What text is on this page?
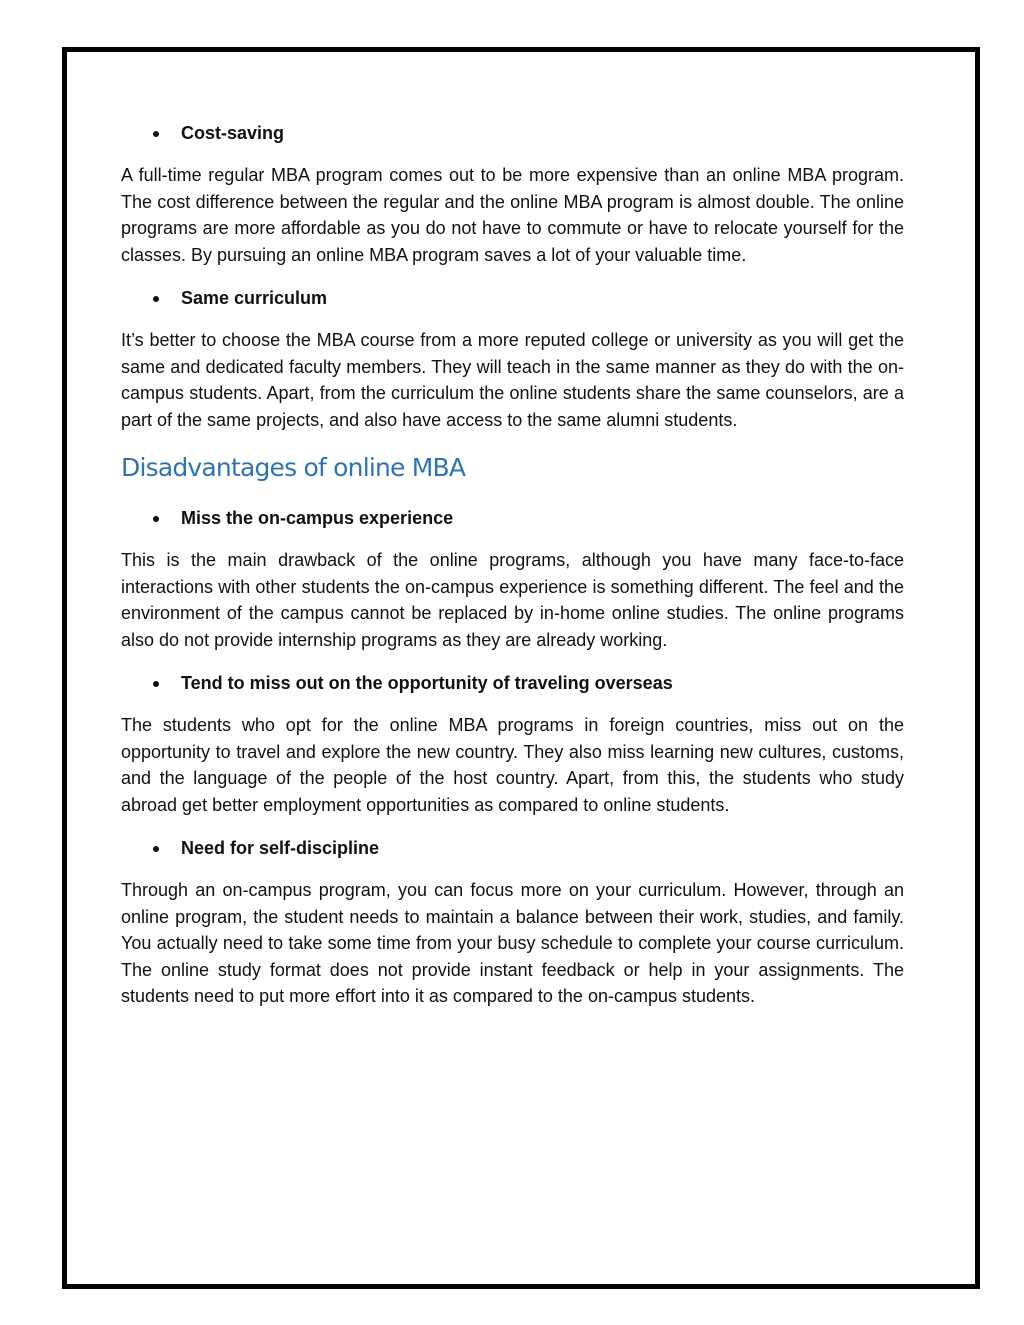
Cost-saving

A full-time regular MBA program comes out to be more expensive than an online MBA program. The cost difference between the regular and the online MBA program is almost double. The online programs are more affordable as you do not have to commute or have to relocate yourself for the classes. By pursuing an online MBA program saves a lot of your valuable time.

Same curriculum

It’s better to choose the MBA course from a more reputed college or university as you will get the same and dedicated faculty members. They will teach in the same manner as they do with the on-campus students. Apart, from the curriculum the online students share the same counselors, are a part of the same projects, and also have access to the same alumni students.

Disadvantages of online MBA
Miss the on-campus experience

This is the main drawback of the online programs, although you have many face-to-face interactions with other students the on-campus experience is something different. The feel and the environment of the campus cannot be replaced by in-home online studies. The online programs also do not provide internship programs as they are already working.

Tend to miss out on the opportunity of traveling overseas

The students who opt for the online MBA programs in foreign countries, miss out on the opportunity to travel and explore the new country. They also miss learning new cultures, customs, and the language of the people of the host country. Apart, from this, the students who study abroad get better employment opportunities as compared to online students.

Need for self-discipline

Through an on-campus program, you can focus more on your curriculum. However, through an online program, the student needs to maintain a balance between their work, studies, and family. You actually need to take some time from your busy schedule to complete your course curriculum. The online study format does not provide instant feedback or help in your assignments. The students need to put more effort into it as compared to the on-campus students.
